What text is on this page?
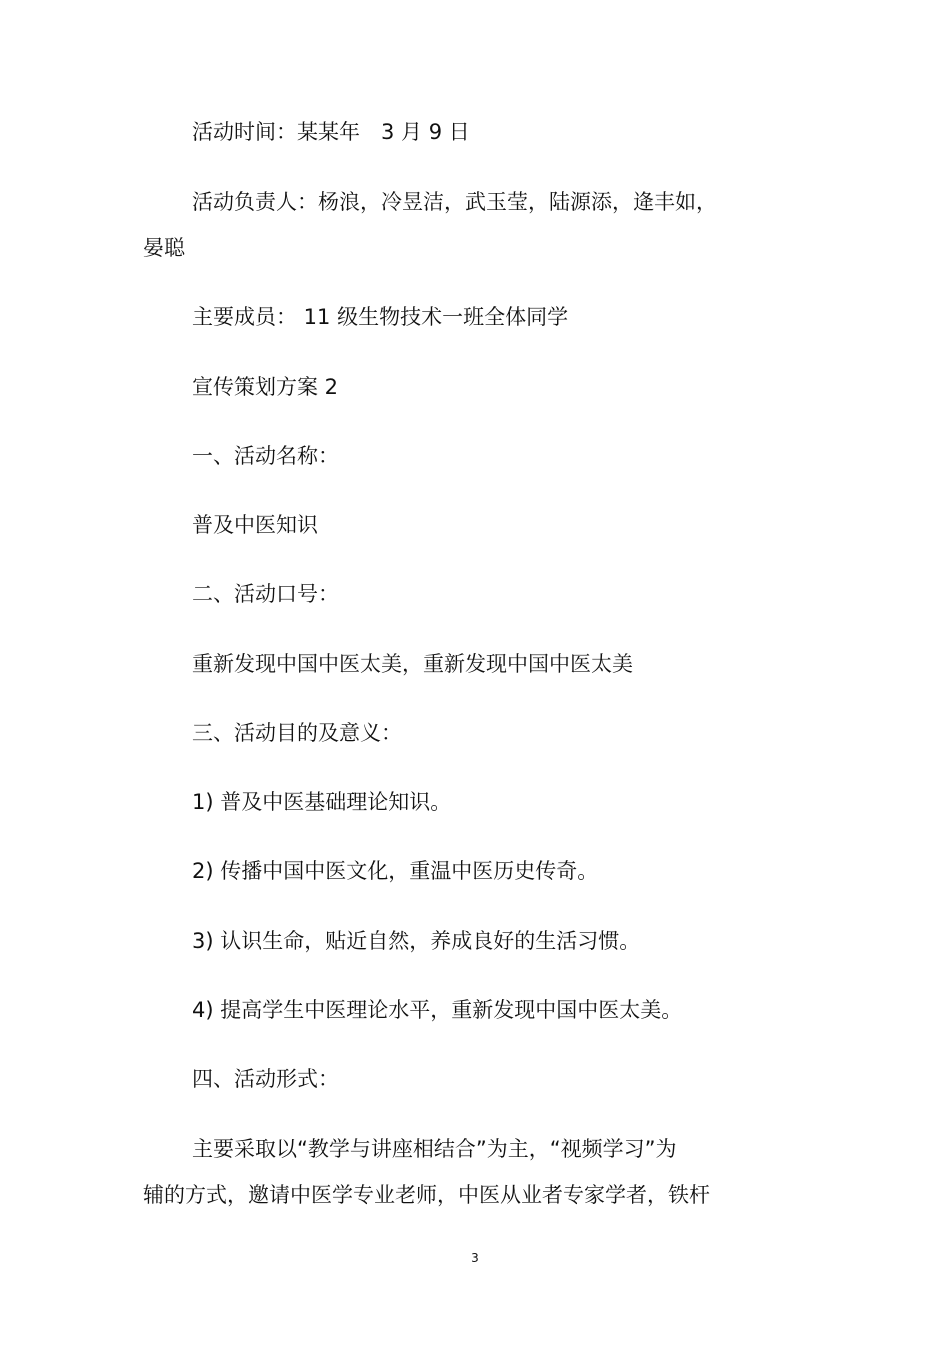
活动时间：某某年　3 月 9 日
活动负责人：杨浪，冷昱洁，武玉莹，陆源添，逄丰如，
晏聪
主要成员： 11 级生物技术一班全体同学
宣传策划方案 2
一、活动名称：
普及中医知识
二、活动口号：
重新发现中国中医太美，重新发现中国中医太美
三、活动目的及意义：
1) 普及中医基础理论知识。
2) 传播中国中医文化，重温中医历史传奇。
3) 认识生命，贴近自然，养成良好的生活习惯。
4) 提高学生中医理论水平，重新发现中国中医太美。
四、活动形式：
主要采取以“教学与讲座相结合”为主，“视频学习”为
辅的方式，邀请中医学专业老师，中医从业者专家学者，铁杆
3
